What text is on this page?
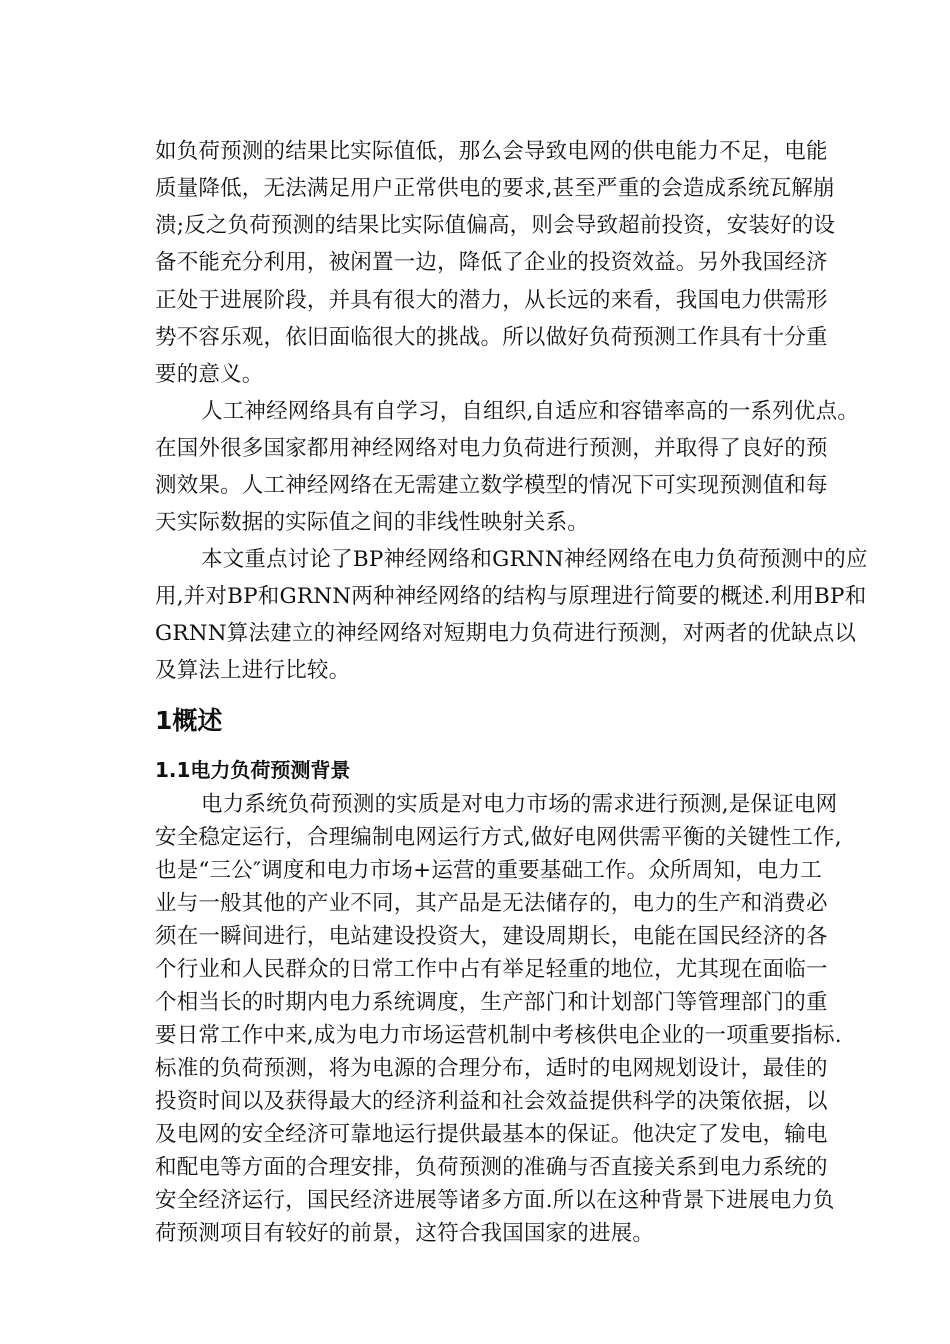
如负荷预测的结果比实际值低，那么会导致电网的供电能力不足，电能
质量降低，无法满足用户正常供电的要求,甚至严重的会造成系统瓦解崩
溃;反之负荷预测的结果比实际值偏高，则会导致超前投资，安装好的设
备不能充分利用，被闲置一边，降低了企业的投资效益。另外我国经济
正处于进展阶段，并具有很大的潜力，从长远的来看，我国电力供需形
势不容乐观，依旧面临很大的挑战。所以做好负荷预测工作具有十分重
要的意义。
人工神经网络具有自学习，自组织,自适应和容错率高的一系列优点。
在国外很多国家都用神经网络对电力负荷进行预测，并取得了良好的预
测效果。人工神经网络在无需建立数学模型的情况下可实现预测值和每
天实际数据的实际值之间的非线性映射关系。
本文重点讨论了BP神经网络和GRNN神经网络在电力负荷预测中的应
用,并对BP和GRNN两种神经网络的结构与原理进行简要的概述.利用BP和
GRNN算法建立的神经网络对短期电力负荷进行预测，对两者的优缺点以
及算法上进行比较。
1概述
1.1电力负荷预测背景
电力系统负荷预测的实质是对电力市场的需求进行预测,是保证电网
安全稳定运行，合理编制电网运行方式,做好电网供需平衡的关键性工作,
也是“三公″调度和电力市场+运营的重要基础工作。众所周知，电力工
业与一般其他的产业不同，其产品是无法储存的，电力的生产和消费必
须在一瞬间进行，电站建设投资大，建设周期长，电能在国民经济的各
个行业和人民群众的日常工作中占有举足轻重的地位，尤其现在面临一
个相当长的时期内电力系统调度，生产部门和计划部门等管理部门的重
要日常工作中来,成为电力市场运营机制中考核供电企业的一项重要指标.
标准的负荷预测，将为电源的合理分布，适时的电网规划设计，最佳的
投资时间以及获得最大的经济利益和社会效益提供科学的决策依据，以
及电网的安全经济可靠地运行提供最基本的保证。他决定了发电，输电
和配电等方面的合理安排，负荷预测的准确与否直接关系到电力系统的
安全经济运行，国民经济进展等诸多方面.所以在这种背景下进展电力负
荷预测项目有较好的前景，这符合我国国家的进展。
